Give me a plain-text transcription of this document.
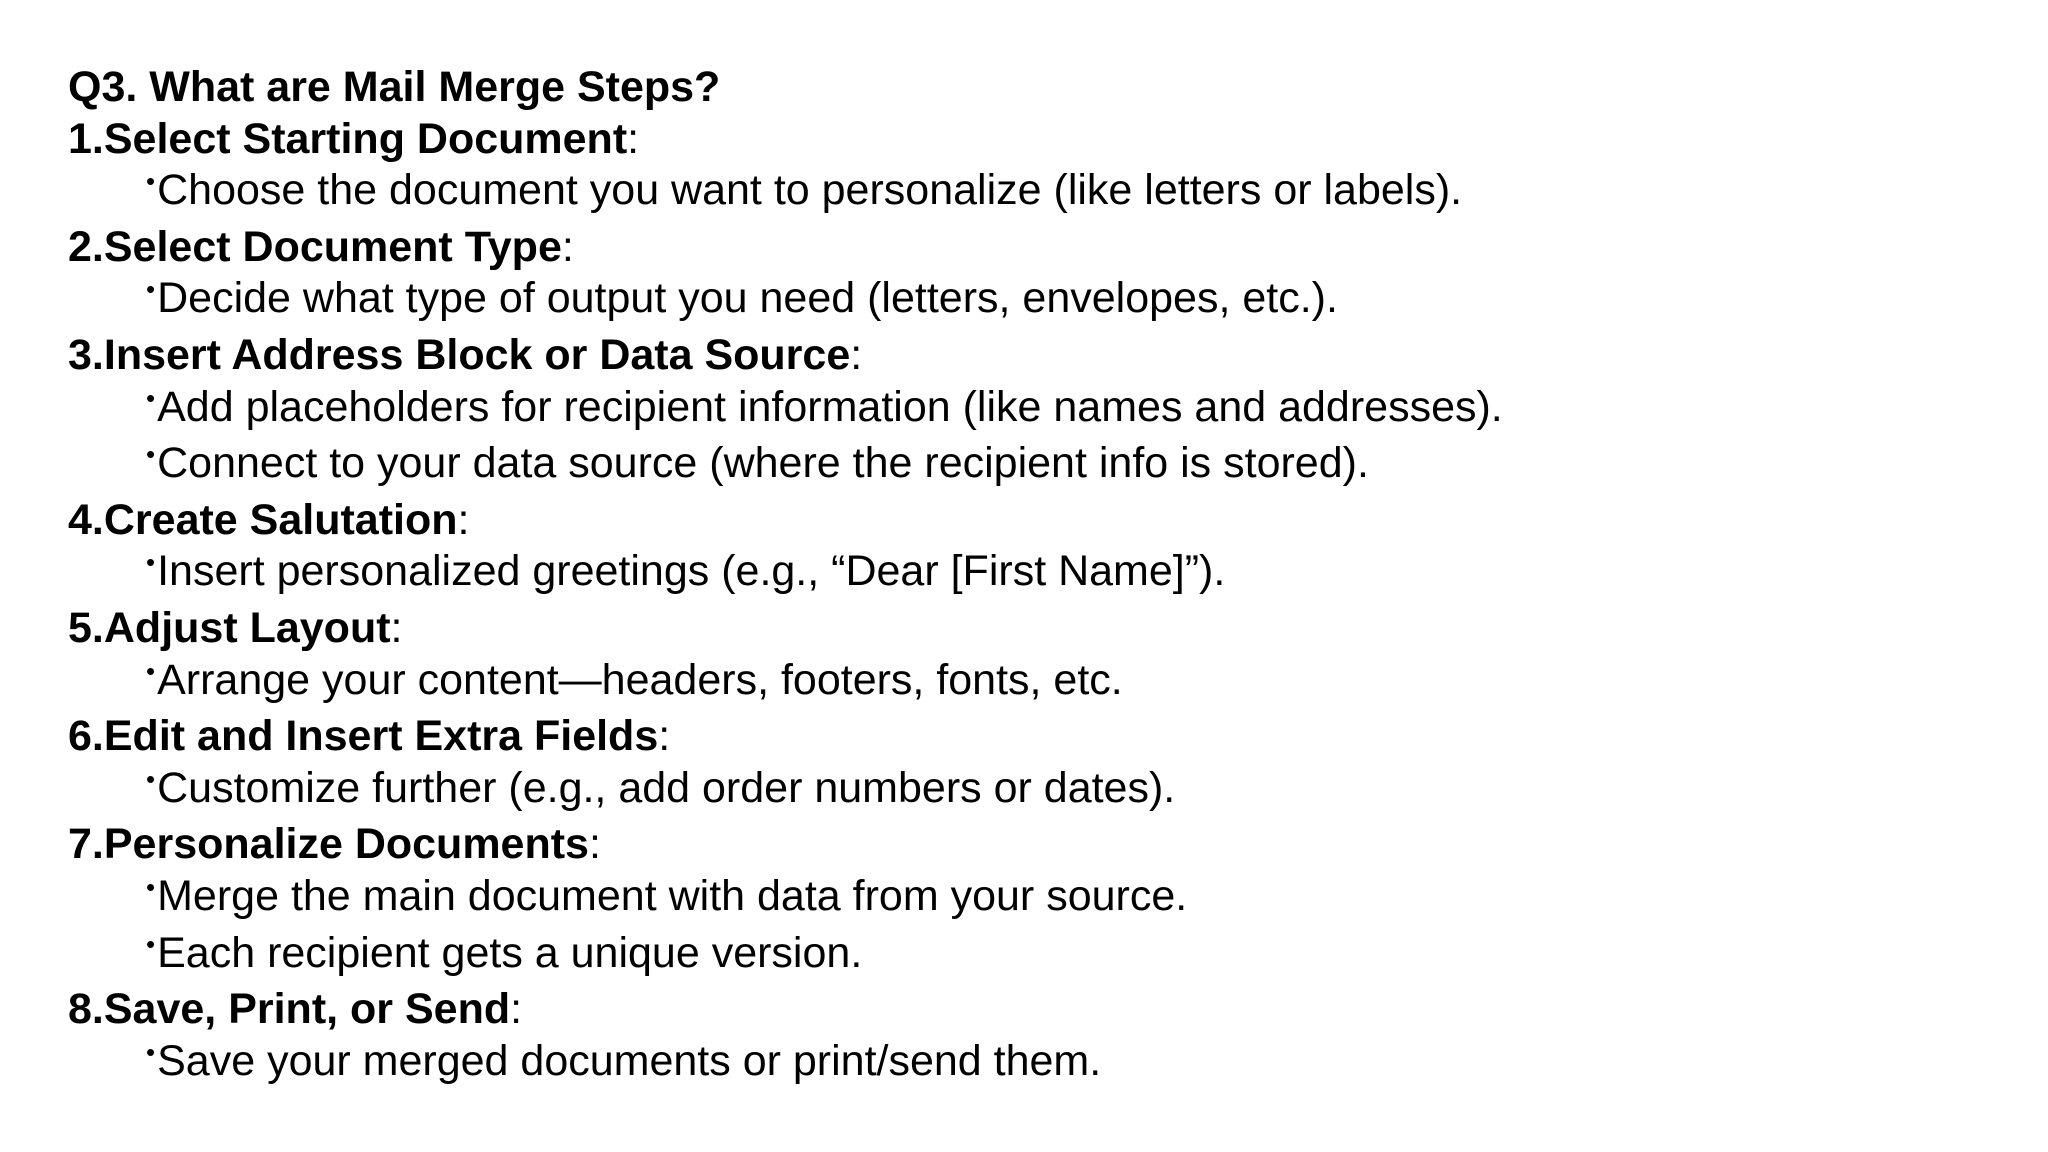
Q3. What are Mail Merge Steps?
1.Select Starting Document:
•Choose the document you want to personalize (like letters or labels).
2.Select Document Type:
•Decide what type of output you need (letters, envelopes, etc.).
3.Insert Address Block or Data Source:
•Add placeholders for recipient information (like names and addresses).
•Connect to your data source (where the recipient info is stored).
4.Create Salutation:
•Insert personalized greetings (e.g., “Dear [First Name]”).
5.Adjust Layout:
•Arrange your content—headers, footers, fonts, etc.
6.Edit and Insert Extra Fields:
•Customize further (e.g., add order numbers or dates).
7.Personalize Documents:
•Merge the main document with data from your source.
•Each recipient gets a unique version.
8.Save, Print, or Send:
•Save your merged documents or print/send them.
